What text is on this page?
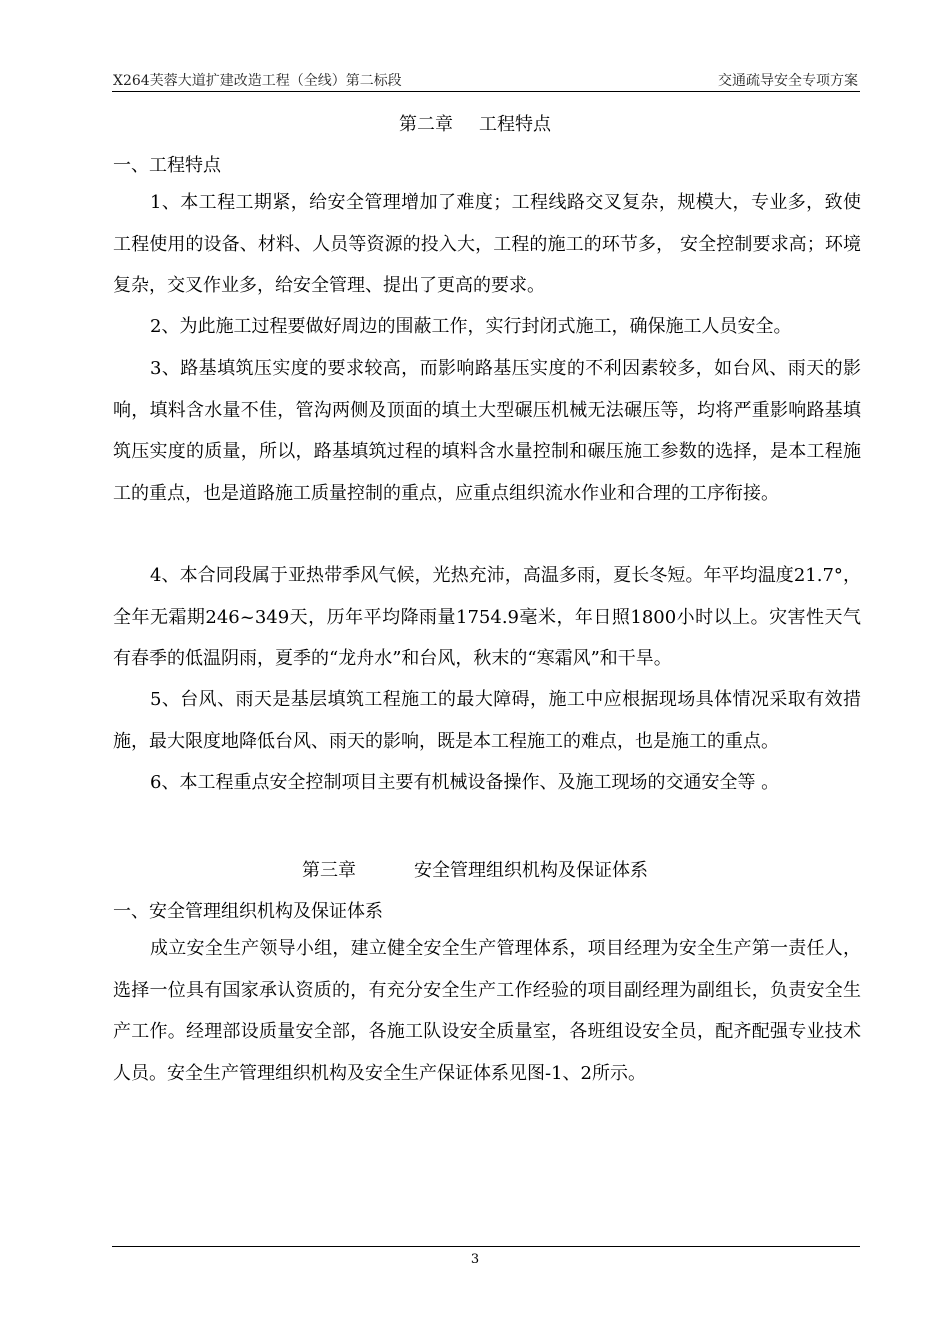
X264芙蓉大道扩建改造工程（全线）第二标段	交通疏导安全专项方案
第二章 工程特点
一、工程特点
1、本工程工期紧，给安全管理增加了难度；工程线路交叉复杂，规模大，专业多，致使工程使用的设备、材料、人员等资源的投入大，工程的施工的环节多， 安全控制要求高；环境复杂，交叉作业多，给安全管理、提出了更高的要求。
2、为此施工过程要做好周边的围蔽工作，实行封闭式施工，确保施工人员安全。
3、路基填筑压实度的要求较高，而影响路基压实度的不利因素较多，如台风、雨天的影响，填料含水量不佳，管沟两侧及顶面的填土大型碾压机械无法碾压等，均将严重影响路基填筑压实度的质量，所以，路基填筑过程的填料含水量控制和碾压施工参数的选择，是本工程施工的重点，也是道路施工质量控制的重点，应重点组织流水作业和合理的工序衔接。
4、本合同段属于亚热带季风气候，光热充沛，高温多雨，夏长冬短。年平均温度21.7°，全年无霜期246~349天，历年平均降雨量1754.9毫米，年日照1800小时以上。灾害性天气有春季的低温阴雨，夏季的“龙舟水”和台风，秋末的“寒霜风”和干旱。
5、台风、雨天是基层填筑工程施工的最大障碍，施工中应根据现场具体情况采取有效措施，最大限度地降低台风、雨天的影响，既是本工程施工的难点，也是施工的重点。
6、本工程重点安全控制项目主要有机械设备操作、及施工现场的交通安全等 。
第三章	安全管理组织机构及保证体系
一、安全管理组织机构及保证体系
成立安全生产领导小组，建立健全安全生产管理体系，项目经理为安全生产第一责任人，选择一位具有国家承认资质的，有充分安全生产工作经验的项目副经理为副组长，负责安全生产工作。经理部设质量安全部，各施工队设安全质量室，各班组设安全员，配齐配强专业技术人员。安全生产管理组织机构及安全生产保证体系见图-1、2所示。
3
